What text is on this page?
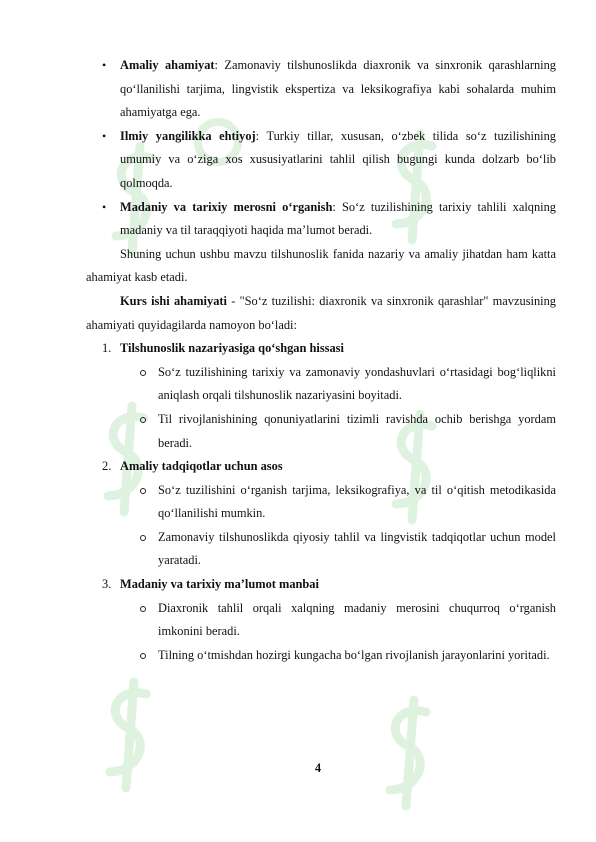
• Amaliy ahamiyat: Zamonaviy tilshunoslikda diaxronik va sinxronik qarashlarning qo‘llanilishi tarjima, lingvistik ekspertiza va leksikografiya kabi sohalarda muhim ahamiyatga ega.
• Ilmiy yangilikka ehtiyoj: Turkiy tillar, xususan, o‘zbek tilida so‘z tuzilishining umumiy va o‘ziga xos xususiyatlarini tahlil qilish bugungi kunda dolzarb bo‘lib qolmoqda.
• Madaniy va tarixiy merosni o‘rganish: So‘z tuzilishining tarixiy tahlili xalqning madaniy va til taraqqiyoti haqida ma’lumot beradi.
Shuning uchun ushbu mavzu tilshunoslik fanida nazariy va amaliy jihatdan ham katta ahamiyat kasb etadi.
Kurs ishi ahamiyati - "So‘z tuzilishi: diaxronik va sinxronik qarashlar" mavzusining ahamiyati quyidagilarda namoyon bo‘ladi:
1. Tilshunoslik nazariyasiga qo‘shgan hissasi
So‘z tuzilishining tarixiy va zamonaviy yondashuvlari o‘rtasidagi bog‘liqlikni aniqlash orqali tilshunoslik nazariyasini boyitadi.
Til rivojlanishining qonuniyatlarini tizimli ravishda ochib berishga yordam beradi.
2. Amaliy tadqiqotlar uchun asos
So‘z tuzilishini o‘rganish tarjima, leksikografiya, va til o‘qitish metodikasida qo‘llanilishi mumkin.
Zamonaviy tilshunoslikda qiyosiy tahlil va lingvistik tadqiqotlar uchun model yaratadi.
3. Madaniy va tarixiy ma’lumot manbai
Diaxronik tahlil orqali xalqning madaniy merosini chuqurroq o‘rganish imkonini beradi.
Tilning o‘tmishdan hozirgi kungacha bo‘lgan rivojlanish jarayonlarini yoritadi.
4
